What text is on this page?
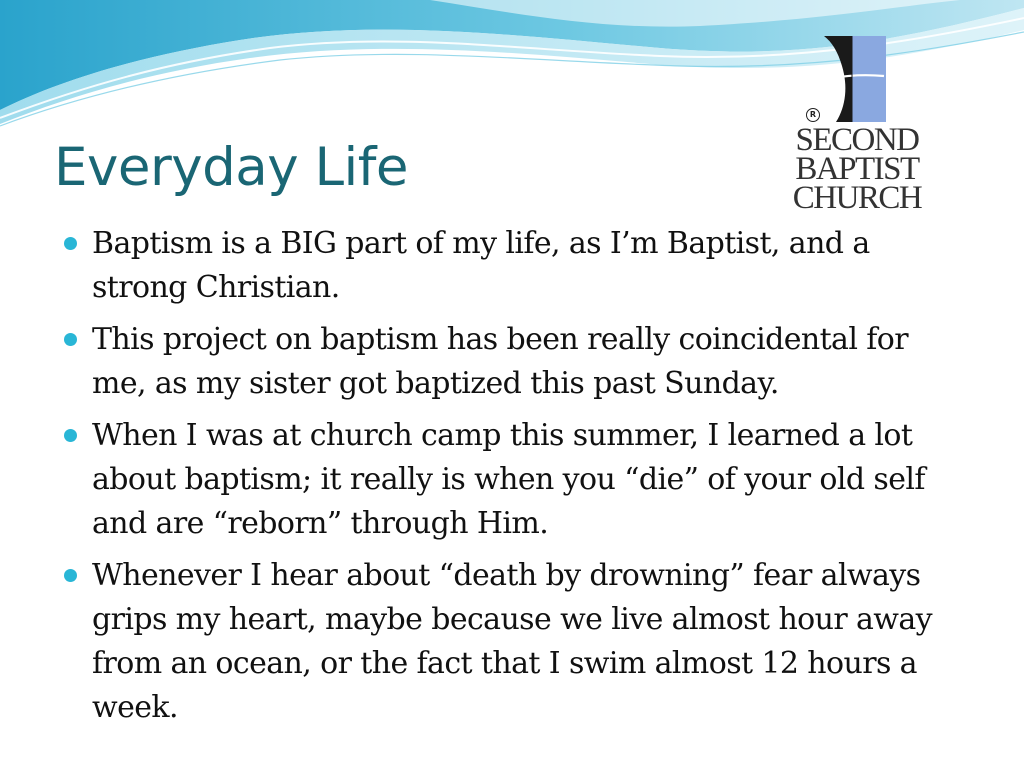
Everyday Life
R
SECOND
BAPTIST
CHURCH
Baptism is a BIG part of my life, as I’m Baptist, and a strong Christian.
This project on baptism has been really coincidental for me, as my sister got baptized this past Sunday.
When I was at church camp this summer, I learned a lot about baptism; it really is when you “die” of your old self and are “reborn” through Him.
Whenever I hear about “death by drowning” fear always grips my heart, maybe because we live almost hour away from an ocean, or the fact that I swim almost 12 hours a week.
